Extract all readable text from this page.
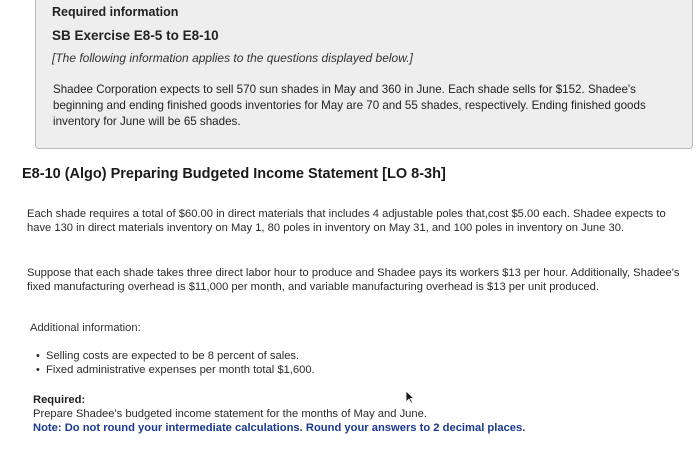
Required information
SB Exercise E8-5 to E8-10
[The following information applies to the questions displayed below.]
Shadee Corporation expects to sell 570 sun shades in May and 360 in June. Each shade sells for $152. Shadee's beginning and ending finished goods inventories for May are 70 and 55 shades, respectively. Ending finished goods inventory for June will be 65 shades.
E8-10 (Algo) Preparing Budgeted Income Statement [LO 8-3h]
Each shade requires a total of $60.00 in direct materials that includes 4 adjustable poles that,cost $5.00 each. Shadee expects to have 130 in direct materials inventory on May 1, 80 poles in inventory on May 31, and 100 poles in inventory on June 30.
Suppose that each shade takes three direct labor hour to produce and Shadee pays its workers $13 per hour. Additionally, Shadee's fixed manufacturing overhead is $11,000 per month, and variable manufacturing overhead is $13 per unit produced.
Additional information:
• Selling costs are expected to be 8 percent of sales.
• Fixed administrative expenses per month total $1,600.
Required:
Prepare Shadee's budgeted income statement for the months of May and June.
Note: Do not round your intermediate calculations. Round your answers to 2 decimal places.
